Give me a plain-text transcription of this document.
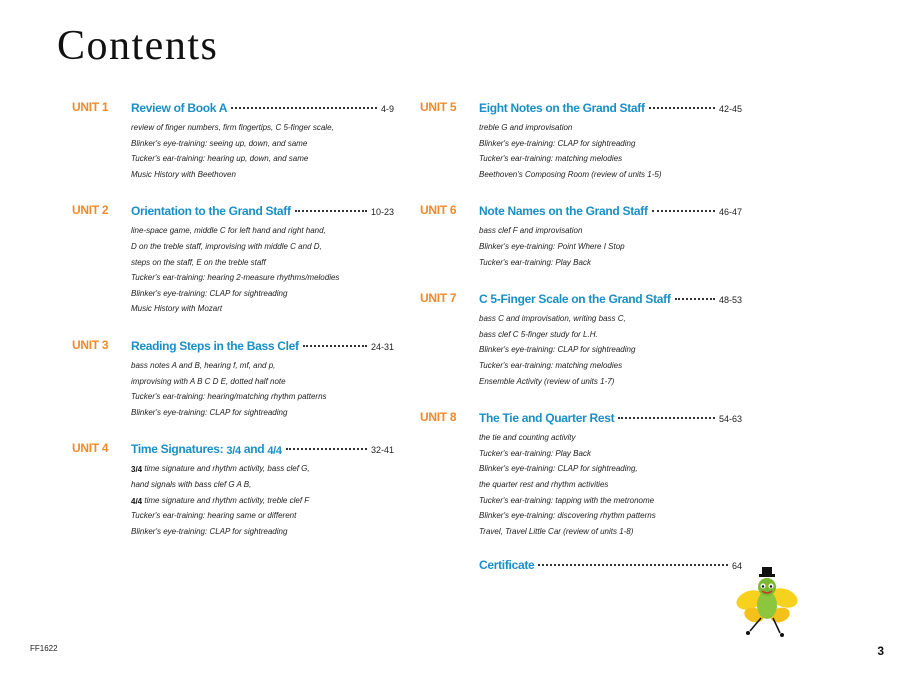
Contents
UNIT 1	Review of Book A	4-9
review of finger numbers, firm fingertips, C 5-finger scale,
Blinker's eye-training: seeing up, down, and same
Tucker's ear-training: hearing up, down, and same
Music History with Beethoven
UNIT 2	Orientation to the Grand Staff	10-23
line-space game, middle C for left hand and right hand,
D on the treble staff, improvising with middle C and D,
steps on the staff, E on the treble staff
Tucker's ear-training: hearing 2-measure rhythms/melodies
Blinker's eye-training: CLAP for sightreading
Music History with Mozart
UNIT 3	Reading Steps in the Bass Clef	24-31
bass notes A and B, hearing f, mf, and p,
improvising with A B C D E, dotted half note
Tucker's ear-training: hearing/matching rhythm patterns
Blinker's eye-training: CLAP for sightreading
UNIT 4	Time Signatures: 3/4 and 4/4	32-41
3/4 time signature and rhythm activity, bass clef G,
hand signals with bass clef G A B,
4/4 time signature and rhythm activity, treble clef F
Tucker's ear-training: hearing same or different
Blinker's eye-training: CLAP for sightreading
UNIT 5	Eight Notes on the Grand Staff	42-45
treble G and improvisation
Blinker's eye-training: CLAP for sightreading
Tucker's ear-training: matching melodies
Beethoven's Composing Room (review of units 1-5)
UNIT 6	Note Names on the Grand Staff	46-47
bass clef F and improvisation
Blinker's eye-training: Point Where I Stop
Tucker's ear-training: Play Back
UNIT 7	C 5-Finger Scale on the Grand Staff	48-53
bass C and improvisation, writing bass C,
bass clef C 5-finger study for L.H.
Blinker's eye-training: CLAP for sightreading
Tucker's ear-training: matching melodies
Ensemble Activity (review of units 1-7)
UNIT 8	The Tie and Quarter Rest	54-63
the tie and counting activity
Tucker's ear-training: Play Back
Blinker's eye-training: CLAP for sightreading,
the quarter rest and rhythm activities
Tucker's ear-training: tapping with the metronome
Blinker's eye-training: discovering rhythm patterns
Travel, Travel Little Car (review of units 1-8)
Certificate	64
FF1622	3
